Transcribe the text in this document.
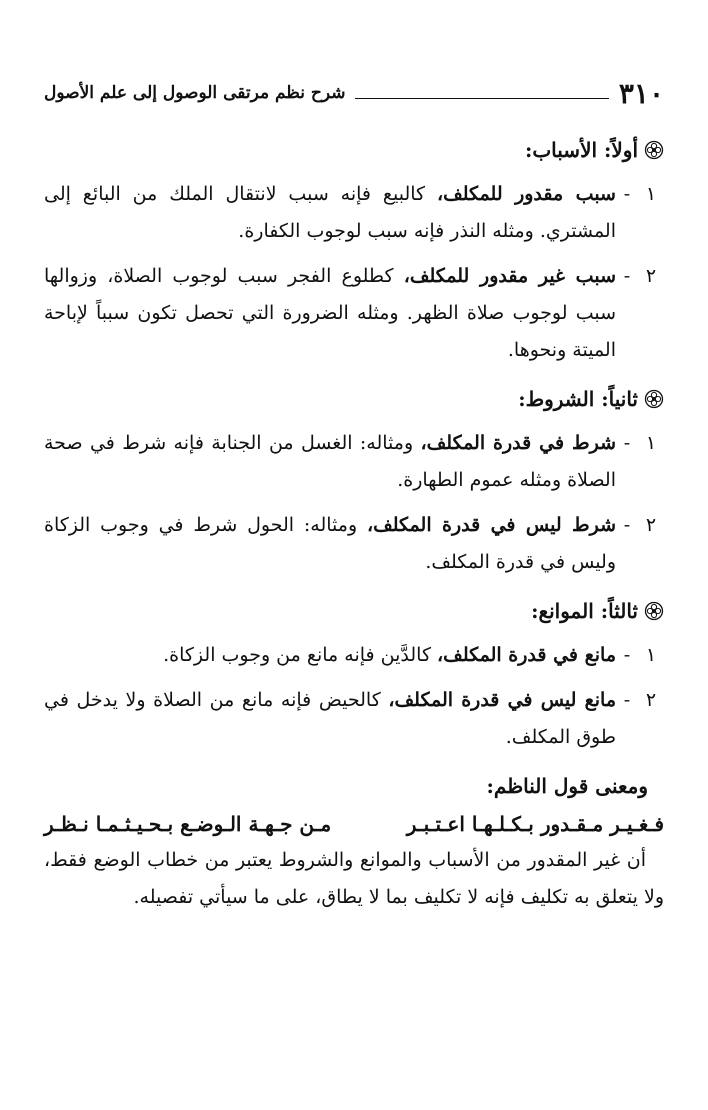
٣١٠
شرح نظم مرتقى الوصول إلى علم الأصول
أولاً: الأسباب:
١
-
سبب مقدور للمكلف، كالبيع فإنه سبب لانتقال الملك من البائع إلى المشتري. ومثله النذر فإنه سبب لوجوب الكفارة.
٢
-
سبب غير مقدور للمكلف، كطلوع الفجر سبب لوجوب الصلاة، وزوالها سبب لوجوب صلاة الظهر. ومثله الضرورة التي تحصل تكون سبباً لإباحة الميتة ونحوها.
ثانياً: الشروط:
١
-
شرط في قدرة المكلف، ومثاله: الغسل من الجنابة فإنه شرط في صحة الصلاة ومثله عموم الطهارة.
٢
-
شرط ليس في قدرة المكلف، ومثاله: الحول شرط في وجوب الزكاة وليس في قدرة المكلف.
ثالثاً: الموانع:
١
-
مانع في قدرة المكلف، كالدَّين فإنه مانع من وجوب الزكاة.
٢
-
مانع ليس في قدرة المكلف، كالحيض فإنه مانع من الصلاة ولا يدخل في طوق المكلف.
ومعنى قول الناظم:
فـغـيـر مـقـدور بـكـلـهـا اعـتـبـر
مـن جـهـة الـوضـع بـحـيـثـمـا نـظـر
أن غير المقدور من الأسباب والموانع والشروط يعتبر من خطاب الوضع فقط، ولا يتعلق به تكليف فإنه لا تكليف بما لا يطاق، على ما سيأتي تفصيله.
